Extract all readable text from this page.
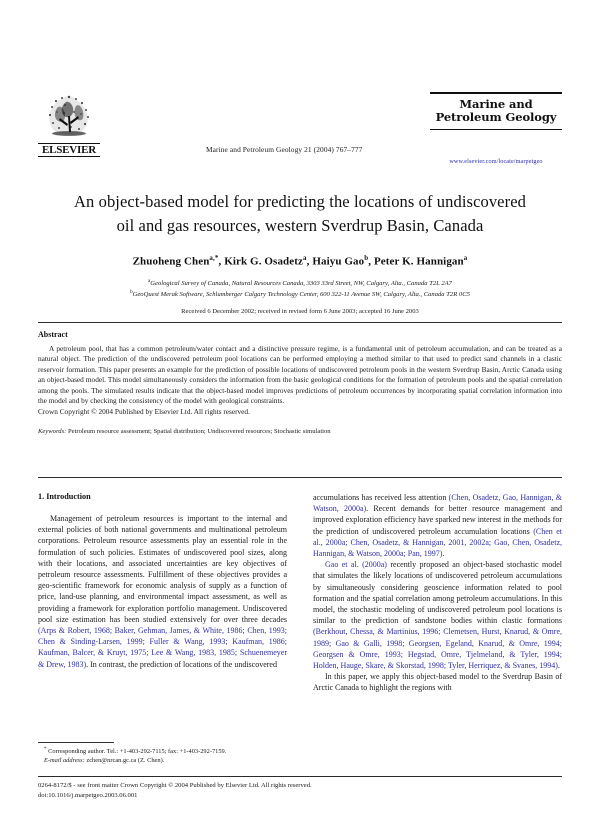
ELSEVIER	Marine and Petroleum Geology 21 (2004) 767–777
Marine and
Petroleum Geology
www.elsevier.com/locate/marpetgeo
An object-based model for predicting the locations of undiscovered
oil and gas resources, western Sverdrup Basin, Canada
Zhuoheng Chen$^{a,*}$, Kirk G. Osadetz$^a$, Haiyu Gao$^b$, Peter K. Hannigan$^a$
$^a$Geological Survey of Canada, Natural Resources Canada, 3303 33rd Street, NW, Calgary, Alta., Canada T2L 2A7
$^b$GeoQuest Merak Software, Schlumberger Calgary Technology Center, 600 322-11 Avenue SW, Calgary, Alta., Canada T2R 0C5
Received 6 December 2002; received in revised form 6 June 2003; accepted 16 June 2003
Abstract

A petroleum pool, that has a common petroleum/water contact and a distinctive pressure regime, is a fundamental unit of petroleum accumulation, and can be treated as a natural object. The prediction of the undiscovered petroleum pool locations can be performed employing a method similar to that used to predict sand channels in a clastic reservoir formation. This paper presents an example for the prediction of possible locations of undiscovered petroleum pools in the western Sverdrup Basin, Arctic Canada using an object-based model. This model simultaneously considers the information from the basic geological conditions for the formation of petroleum pools and the spatial correlation among the pools. The simulated results indicate that the object-based model improves predictions of petroleum occurrences by incorporating spatial correlation information into the model and by checking the consistency of the model with geological constraints.

Crown Copyright © 2004 Published by Elsevier Ltd. All rights reserved.

Keywords: Petroleum resource assessment; Spatial distribution; Undiscovered resources; Stochastic simulation
1. Introduction

Management of petroleum resources is important to the internal and external policies of both national governments and multinational petroleum corporations. Petroleum resource assessments play an essential role in the formulation of such policies. Estimates of undiscovered pool sizes, along with their locations, and associated uncertainties are key objectives of petroleum resource assessments. Fulfillment of these objectives provides a geo-scientific framework for economic analysis of supply as a function of price, land-use planning, and environmental impact assessment, as well as providing a framework for exploration portfolio management. Undiscovered pool size estimation has been studied extensively for over three decades (Arps & Robert, 1968; Baker, Gehman, James, & White, 1986; Chen, 1993; Chen & Sinding-Larsen, 1999; Fuller & Wang, 1993; Kaufman, 1986; Kaufman, Balcer, & Kruyt, 1975; Lee & Wang, 1983, 1985; Schuenemeyer & Drew, 1983). In contrast, the prediction of locations of the undiscovered

accumulations has received less attention (Chen, Osadetz, Gao, Hannigan, & Watson, 2000a). Recent demands for better resource management and improved exploration efficiency have sparked new interest in the methods for the prediction of undiscovered petroleum accumulation locations (Chen et al., 2000a; Chen, Osadetz, & Hannigan, 2001, 2002a; Gao, Chen, Osadetz, Hannigan, & Watson, 2000a; Pan, 1997).

Gao et al. (2000a) recently proposed an object-based stochastic model that simulates the likely locations of undiscovered petroleum accumulations by simultaneously considering geoscience information related to pool formation and the spatial correlation among petroleum accumulations. In this model, the stochastic modeling of undiscovered petroleum pool locations is similar to the prediction of sandstone bodies within clastic formations (Berkhout, Chessa, & Martinius, 1996; Clemetsen, Hurst, Knarud, & Omre, 1989; Gao & Galli, 1998; Georgsen, Egeland, Knarud, & Omre, 1994; Georgsen & Omre, 1993; Hegstad, Omre, Tjelmeland, & Tyler, 1994; Holden, Hauge, Skare, & Skorstad, 1998; Tyler, Herriquez, & Svanes, 1994).

In this paper, we apply this object-based model to the Sverdrup Basin of Arctic Canada to highlight the regions with

* Corresponding author. Tel.: +1-403-292-7115; fax: +1-403-292-7159.

E-mail address: zchen@nrcan.gc.ca (Z. Chen).

0264-8172/$ - see front matter Crown Copyright © 2004 Published by Elsevier Ltd. All rights reserved.
doi:10.1016/j.marpetgeo.2003.06.001
